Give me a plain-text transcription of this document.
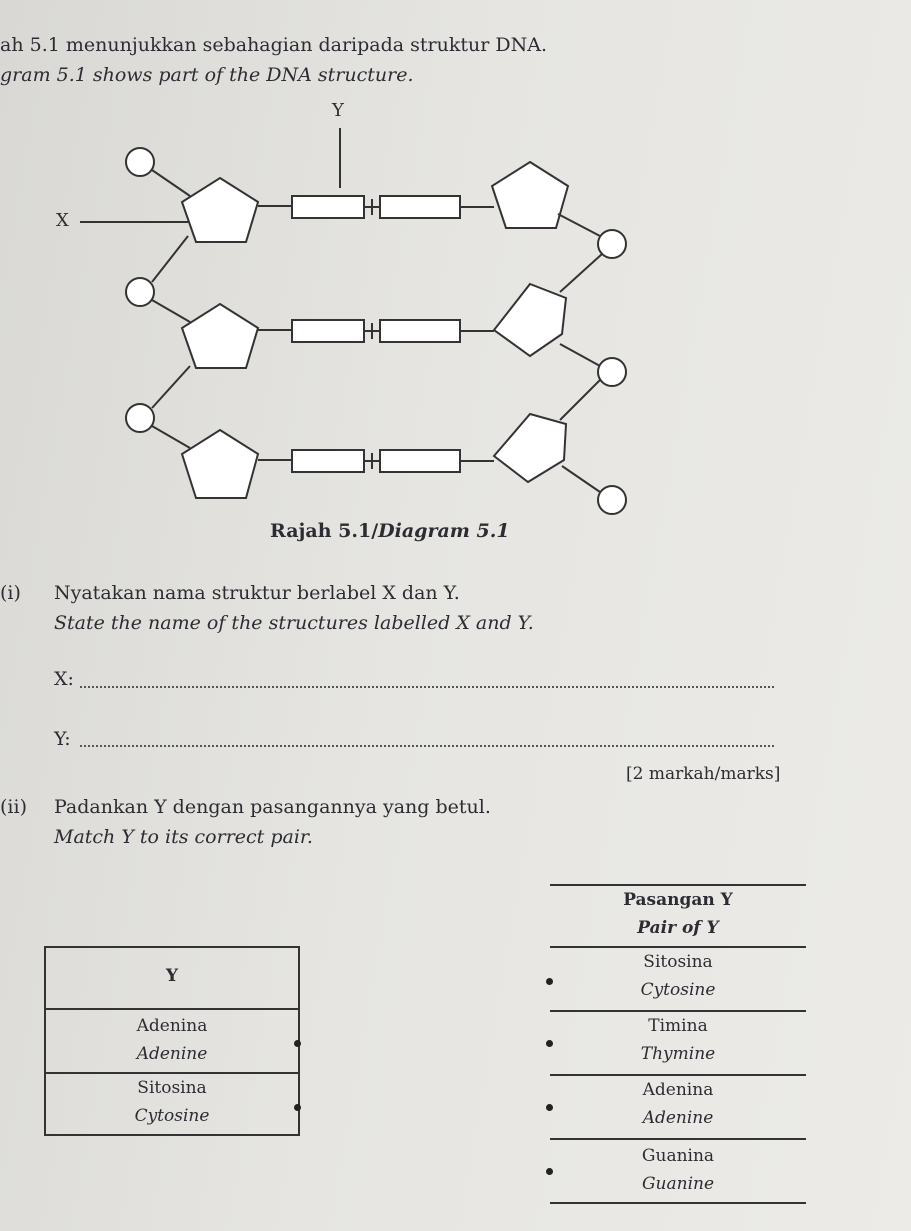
ah 5.1 menunjukkan sebahagian daripada struktur DNA.
gram 5.1 shows part of the DNA structure.
Y
X
Rajah 5.1/Diagram 5.1
(i) Nyatakan nama struktur berlabel X dan Y.
State the name of the structures labelled X and Y.
X:
Y:
[2 markah/marks]
(ii) Padankan Y dengan pasangannya yang betul.
Match Y to its correct pair.
Y
Adenina
Adenine
Sitosina
Cytosine
Pasangan Y
Pair of Y
Sitosina
Cytosine
Timina
Thymine
Adenina
Adenine
Guanina
Guanine
